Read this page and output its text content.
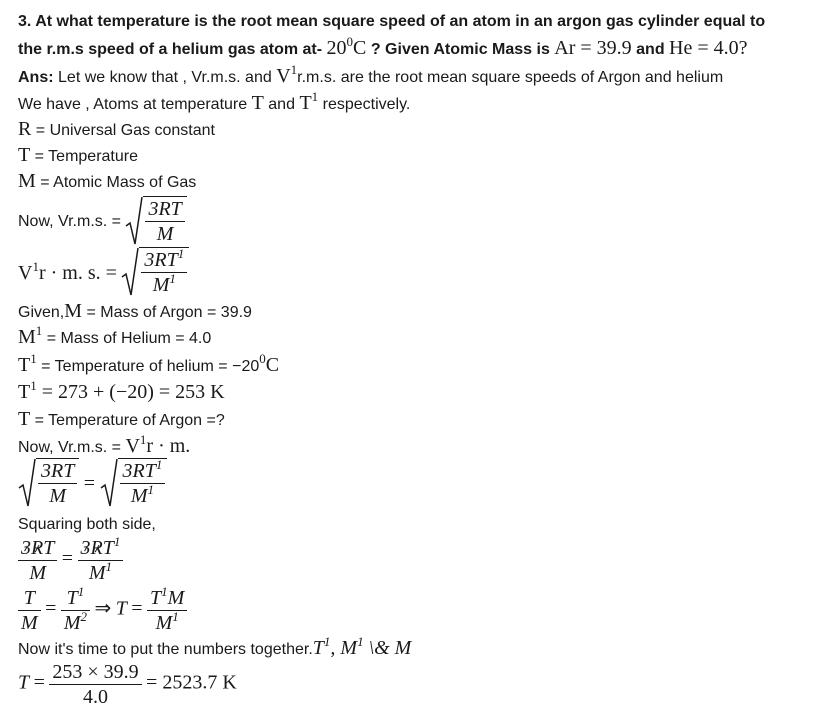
3. At what temperature is the root mean square speed of an atom in an argon gas cylinder equal to
the r.m.s speed of a helium gas atom at- $20^0C$ ? Given Atomic Mass is Ar = 39.9 and He = 4.0?
Ans: Let we know that , Vr.m.s. and $V^1r.m.s$. are the root mean square speeds of Argon and helium
We have , Atoms at temperature T and $T^1$ respectively.
R = Universal Gas constant
T = Temperature
M = Atomic Mass of Gas
Now, Vr.m.s. = $\frac{3RT}{M}$
$V^1r \cdot m$. s. = $\frac{3RT^1}{M^1}$
Given,M = Mass of Argon = 39.9
$M^1$ = Mass of Helium = 4.0
$T^1$ = Temperature of helium = $-20^0C$
$T^1 = 273 + (-20) = 253$ K
T = Temperature of Argon =?
Now, Vr.m.s. = $V^1r \cdot m$.
$\frac{3RT}{M} = \frac{3RT^1}{M^1}$
Squaring both side,
$\frac{3RT}{M} = \frac{3RT^1}{M^1}$
$\frac{T}{M} = \frac{T^1}{M^2}$ ⇒ $T = \frac{T^1M}{M^1}$
Now it's time to put the numbers $together.T^1$, $M^1$ \& M
$T = \frac{253 \times 39.9}{4.0} = 2523.7$ K
